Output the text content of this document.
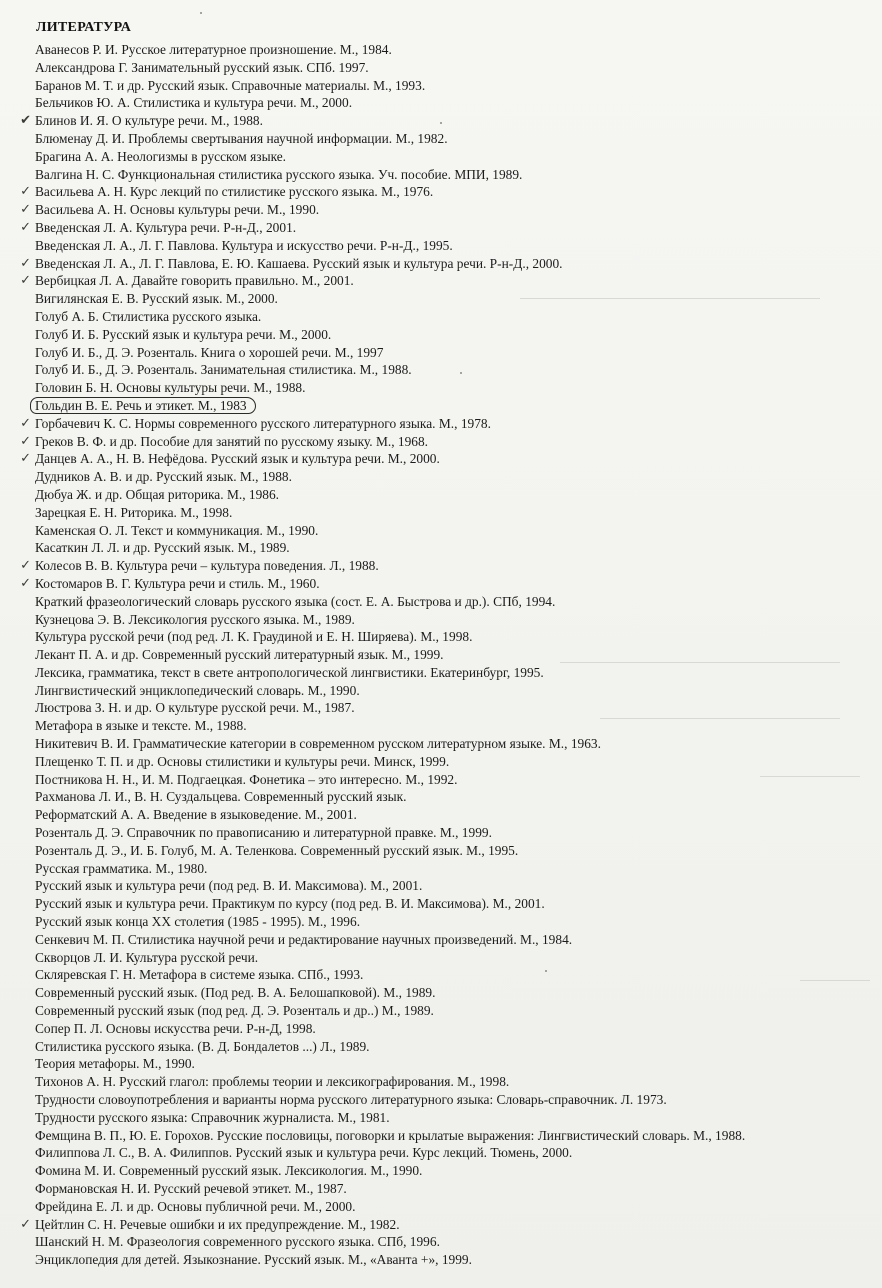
ЛИТЕРАТУРА
Аванесов Р. И. Русское литературное произношение. М., 1984.
Александрова Г. Занимательный русский язык. СПб. 1997.
Баранов М. Т. и др. Русский язык. Справочные материалы. М., 1993.
Бельчиков Ю. А. Стилистика и культура речи. М., 2000.
✔ Блинов И. Я. О культуре речи. М., 1988.
Блюменау Д. И. Проблемы свертывания научной информации. М., 1982.
Брагина А. А. Неологизмы в русском языке.
Валгина Н. С. Функциональная стилистика русского языка. Уч. пособие. МПИ, 1989.
✓ Васильева А. Н. Курс лекций по стилистике русского языка. М., 1976.
✓ Васильева А. Н. Основы культуры речи. М., 1990.
✓ Введенская Л. А. Культура речи. Р-н-Д., 2001.
Введенская Л. А., Л. Г. Павлова. Культура и искусство речи. Р-н-Д., 1995.
✓ Введенская Л. А., Л. Г. Павлова, Е. Ю. Кашаева. Русский язык и культура речи. Р-н-Д., 2000.
✓ Вербицкая Л. А. Давайте говорить правильно. М., 2001.
Вигилянская Е. В. Русский язык. М., 2000.
Голуб А. Б. Стилистика русского языка.
Голуб И. Б. Русский язык и культура речи. М., 2000.
Голуб И. Б., Д. Э. Розенталь. Книга о хорошей речи. М., 1997
Голуб И. Б., Д. Э. Розенталь. Занимательная стилистика. М., 1988.
Головин Б. Н. Основы культуры речи. М., 1988.
Гольдин В. Е. Речь и этикет. М., 1983
✓ Горбачевич К. С. Нормы современного русского литературного языка. М., 1978.
✓ Греков В. Ф. и др. Пособие для занятий по русскому языку. М., 1968.
✓ Данцев А. А., Н. В. Нефёдова. Русский язык и культура речи. М., 2000.
Дудников А. В. и др. Русский язык. М., 1988.
Дюбуа Ж. и др. Общая риторика. М., 1986.
Зарецкая Е. Н. Риторика. М., 1998.
Каменская О. Л. Текст и коммуникация. М., 1990.
Касаткин Л. Л. и др. Русский язык. М., 1989.
✓ Колесов В. В. Культура речи – культура поведения. Л., 1988.
✓ Костомаров В. Г. Культура речи и стиль. М., 1960.
Краткий фразеологический словарь русского языка (сост. Е. А. Быстрова и др.). СПб, 1994.
Кузнецова Э. В. Лексикология русского языка. М., 1989.
Культура русской речи (под ред. Л. К. Граудиной и Е. Н. Ширяева). М., 1998.
Лекант П. А. и др. Современный русский литературный язык. М., 1999.
Лексика, грамматика, текст в свете антропологической лингвистики. Екатеринбург, 1995.
Лингвистический энциклопедический словарь. М., 1990.
Люстрова З. Н. и др. О культуре русской речи. М., 1987.
Метафора в языке и тексте. М., 1988.
Никитевич В. И. Грамматические категории в современном русском литературном языке. М., 1963.
Плещенко Т. П. и др. Основы стилистики и культуры речи. Минск, 1999.
Постникова Н. Н., И. М. Подгаецкая. Фонетика – это интересно. М., 1992.
Рахманова Л. И., В. Н. Суздальцева. Современный русский язык.
Реформатский А. А. Введение в языковедение. М., 2001.
Розенталь Д. Э. Справочник по правописанию и литературной правке. М., 1999.
Розенталь Д. Э., И. Б. Голуб, М. А. Теленкова. Современный русский язык. М., 1995.
Русская грамматика. М., 1980.
Русский язык и культура речи (под ред. В. И. Максимова). М., 2001.
Русский язык и культура речи. Практикум по курсу (под ред. В. И. Максимова). М., 2001.
Русский язык конца XX столетия (1985 - 1995). М., 1996.
Сенкевич М. П. Стилистика научной речи и редактирование научных произведений. М., 1984.
Скворцов Л. И. Культура русской речи.
Скляревская Г. Н. Метафора в системе языка. СПб., 1993.
Современный русский язык. (Под ред. В. А. Белошапковой). М., 1989.
Современный русский язык (под ред. Д. Э. Розенталь и др..) М., 1989.
Сопер П. Л. Основы искусства речи. Р-н-Д, 1998.
Стилистика русского языка. (В. Д. Бондалетов ...) Л., 1989.
Теория метафоры. М., 1990.
Тихонов А. Н. Русский глагол: проблемы теории и лексикографирования. М., 1998.
Трудности словоупотребления и варианты норма русского литературного языка: Словарь-справочник. Л. 1973.
Трудности русского языка: Справочник журналиста. М., 1981.
Фемщина В. П., Ю. Е. Горохов. Русские пословицы, поговорки и крылатые выражения: Лингвистический словарь. М., 1988.
Филиппова Л. С., В. А. Филиппов. Русский язык и культура речи. Курс лекций. Тюмень, 2000.
Фомина М. И. Современный русский язык. Лексикология. М., 1990.
Формановская Н. И. Русский речевой этикет. М., 1987.
Фрейдина Е. Л. и др. Основы публичной речи. М., 2000.
✓ Цейтлин С. Н. Речевые ошибки и их предупреждение. М., 1982.
Шанский Н. М. Фразеология современного русского языка. СПб, 1996.
Энциклопедия для детей. Языкознание. Русский язык. М., «Аванта +», 1999.
